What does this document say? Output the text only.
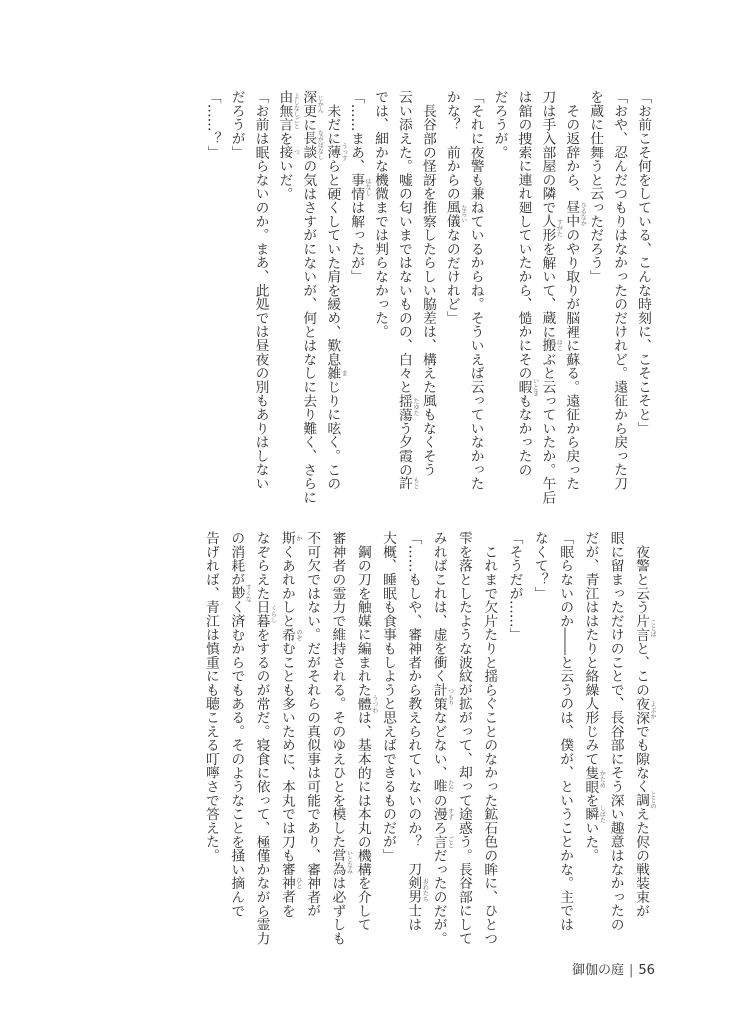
「お前こそ何をしている、こんな時刻に、こそこそと」
「おや、忍んだつもりはなかったのだけれど。遠征から戻った刀
を蔵に仕舞うと云っただろう」
　その返辞から、昼中 ひるなか
のやり取りが脳裡に蘇る。遠征から戻った
刀は手入部屋の隣で人形 すがた
を解いて、蔵に搬 はこ
ぶと云っていたか。午后
は舘の捜索に連れ廻していたから、慥かにその暇 いとま
もなかったの
だろうが。
「それに夜警も兼ねているからね。そういえば云っていなかった
かな？　前からの風儀 ならい
なのだけれど」
　長谷部の怪訝を推察したらしい脇差は、構えた風もなくそう
云い添えた。嘘の匂いまではないものの、白々と揺蕩 たゆた
う夕霞の許 もと
では、細かな機微までは判らなかった。
「……まあ、事情 はなし
は解ったが」
　未だに薄 うっす
らと硬くしていた肩を緩め、歎息雑 ま
じりに呟く。この
深更 じかん
に長談 ながばなし
の気はさすがにないが、何とはなしに去り難く、さらに
由無言 よしなしごと
を接 つ
いだ。
「お前は眠らないのか。まあ、此処では昼夜の別もありはしない
だろうが」
「……？」
　夜警と云う片言 ことば
と、この夜深 よぶか
でも隙なく調 ととの
えた侭の戦装束が
眼に留まっただけのことで、長谷部にそう深い趣意はなかったの
だが、青江ははたりと絡繰人形じみて隻眼 かため
を瞬 しばた
いた。
「眠らないのか――と云うのは、僕が、ということかな。主では
なくて？」
「そうだが……」
　これまで欠片たりと揺らぐことのなかった鉱石色の眸に、ひとつ
雫を落としたような波紋が拡がって、却って途惑う。長谷部にして
みればこれは、虚を衝く計策 つもり
などない、唯 ただ
の漫 すず
ろ言 ごと
だったのだが。
「……もしや、審神者から教えられていないのか？　刀剣男士 おれたち
は
大概、睡眠も食事もしようと思えばできるものだが」
　鋼の刀を触媒に編まれた體 うつわ
は、基本的には本丸の機構を介して
審神者の霊力で維持される。そのゆえひとを模した営為 いとなみ
は必ずしも
不可欠ではない。だがそれらの真似事は可能であり、審神者が
斯 か
くあれかしと希 のぞ
むことも多いために、本丸では刀も審神者 ひと
を
なぞらえた日暮 くらし
をするのが常だ。寝食に依って、極僅かながら霊力
の消耗が尠 すくな
く済むからでもある。そのようなことを掻い摘んで
告げれば、青江は慎重にも聴こえる叮嚀さで答えた。
御伽の庭 | 56
